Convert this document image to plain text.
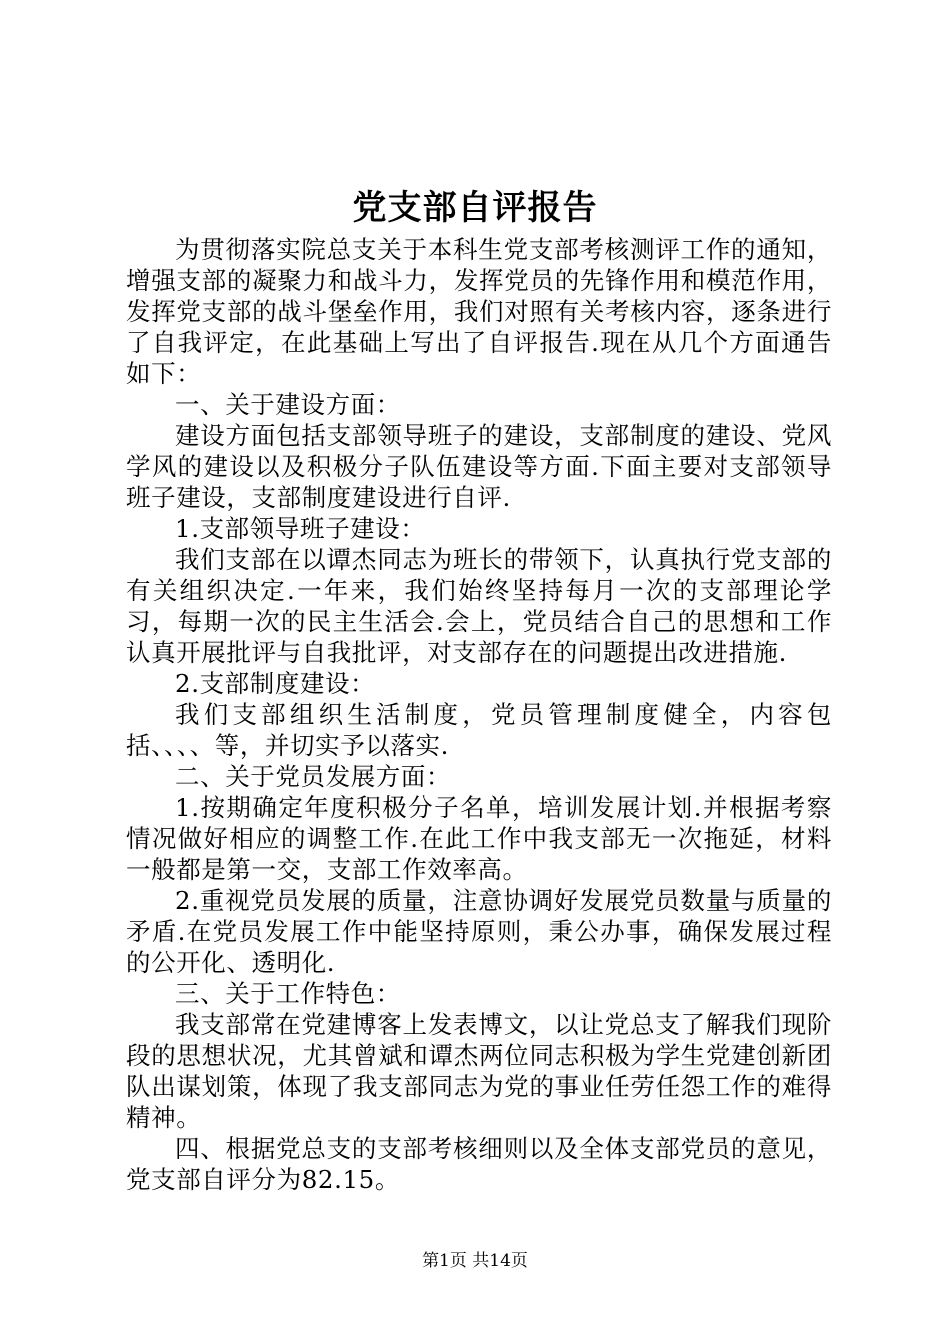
党支部自评报告

为贯彻落实院总支关于本科生党支部考核测评工作的通知，增强支部的凝聚力和战斗力，发挥党员的先锋作用和模范作用，发挥党支部的战斗堡垒作用，我们对照有关考核内容，逐条进行了自我评定，在此基础上写出了自评报告.现在从几个方面通告如下：

一、关于建设方面：

建设方面包括支部领导班子的建设，支部制度的建设、党风学风的建设以及积极分子队伍建设等方面.下面主要对支部领导班子建设，支部制度建设进行自评.

1.支部领导班子建设：

我们支部在以谭杰同志为班长的带领下，认真执行党支部的有关组织决定.一年来，我们始终坚持每月一次的支部理论学习，每期一次的民主生活会.会上，党员结合自己的思想和工作认真开展批评与自我批评，对支部存在的问题提出改进措施.

2.支部制度建设：

我们支部组织生活制度，党员管理制度健全，内容包括、、、、等，并切实予以落实.

二、关于党员发展方面：

1.按期确定年度积极分子名单，培训发展计划.并根据考察情况做好相应的调整工作.在此工作中我支部无一次拖延，材料一般都是第一交，支部工作效率高。

2.重视党员发展的质量，注意协调好发展党员数量与质量的矛盾.在党员发展工作中能坚持原则，秉公办事，确保发展过程的公开化、透明化.

三、关于工作特色：

我支部常在党建博客上发表博文，以让党总支了解我们现阶段的思想状况，尤其曾斌和谭杰两位同志积极为学生党建创新团队出谋划策，体现了我支部同志为党的事业任劳任怨工作的难得精神。

四、根据党总支的支部考核细则以及全体支部党员的意见，党支部自评分为82.15。

第1页 共14页
